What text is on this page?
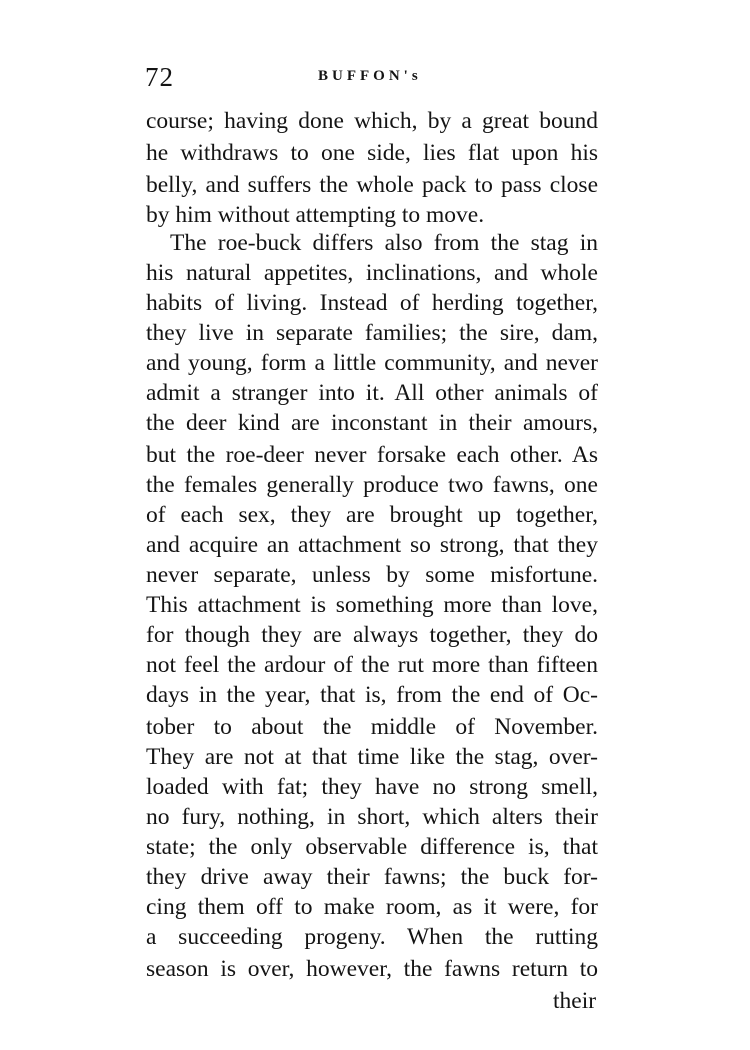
72	BUFFON's
course; having done which, by a great bound
he withdraws to one side, lies flat upon his
belly, and suffers the whole pack to pass close
by him without attempting to move.
The roe-buck differs also from the stag in
his natural appetites, inclinations, and whole
habits of living. Instead of herding together,
they live in separate families; the sire, dam,
and young, form a little community, and never
admit a stranger into it. All other animals of
the deer kind are inconstant in their amours,
but the roe-deer never forsake each other. As
the females generally produce two fawns, one
of each sex, they are brought up together,
and acquire an attachment so strong, that they
never separate, unless by some misfortune.
This attachment is something more than love,
for though they are always together, they do
not feel the ardour of the rut more than fifteen
days in the year, that is, from the end of Oc-
tober to about the middle of November.
They are not at that time like the stag, over-
loaded with fat; they have no strong smell,
no fury, nothing, in short, which alters their
state; the only observable difference is, that
they drive away their fawns; the buck for-
cing them off to make room, as it were, for
a succeeding progeny. When the rutting
season is over, however, the fawns return to
their
